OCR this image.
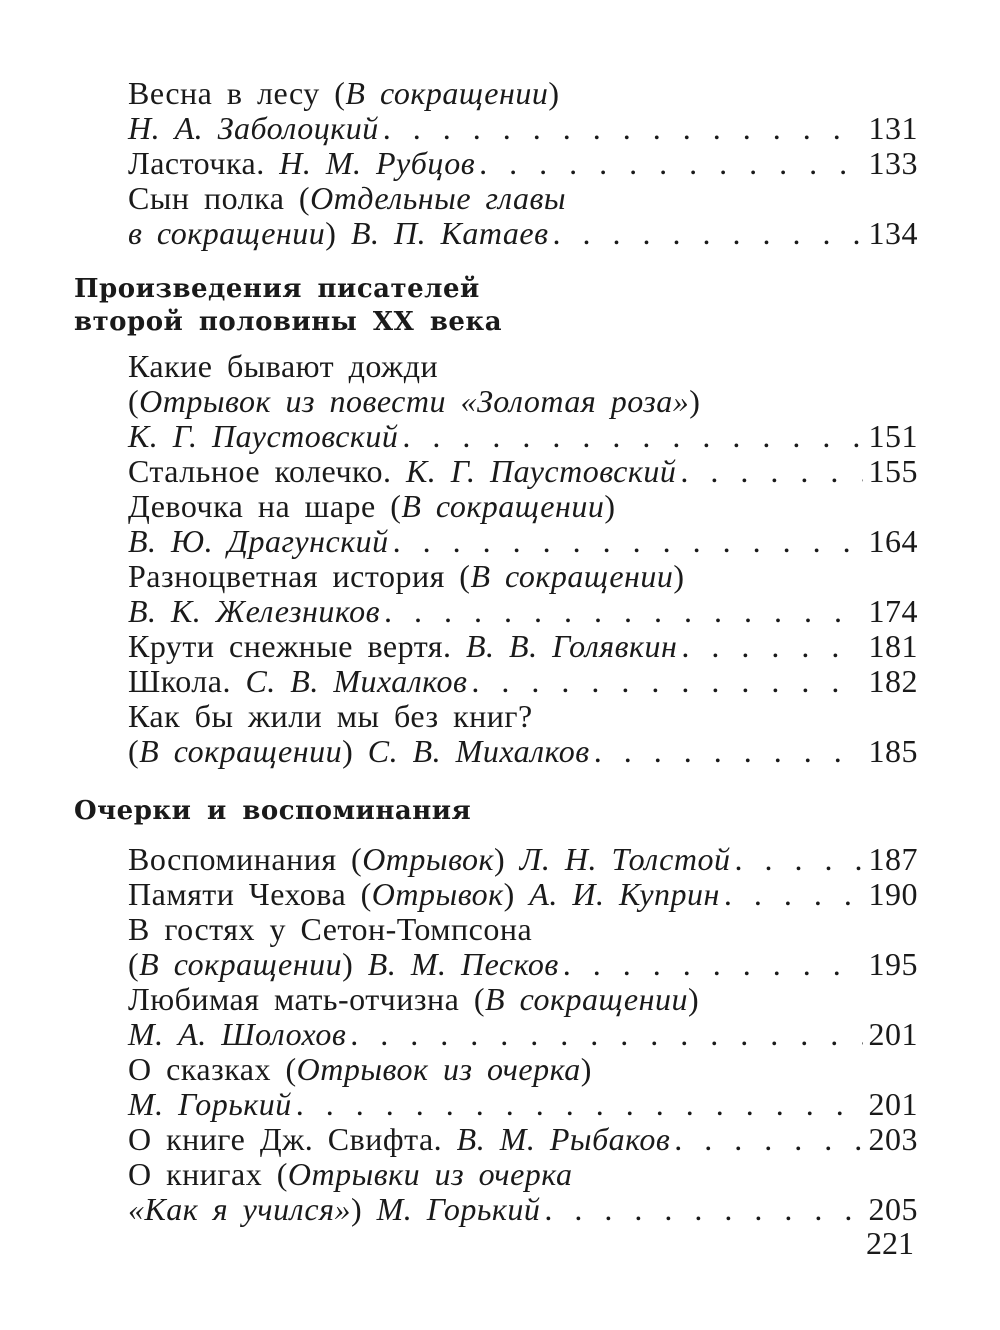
Весна в лесу (В сокращении)
Н. А. Заболоцкий . . .	131
Ласточка. Н. М. Рубцов . . .	133
Сын полка (Отдельные главы
в сокращении) В. П. Катаев . . .	134
Произведения писателей
второй половины XX века
Какие бывают дожди
(Отрывок из повести «Золотая роза»)
К. Г. Паустовский . . .	151
Стальное колечко. К. Г. Паустовский . . .	155
Девочка на шаре (В сокращении)
В. Ю. Драгунский . . .	164
Разноцветная история (В сокращении)
В. К. Железников . . .	174
Крути снежные вертя. В. В. Голявкин . . .	181
Школа. С. В. Михалков . . .	182
Как бы жили мы без книг?
(В сокращении) С. В. Михалков . . .	185
Очерки и воспоминания
Воспоминания (Отрывок) Л. Н. Толстой . . .	187
Памяти Чехова (Отрывок) А. И. Куприн . . .	190
В гостях у Сетон-Томпсона
(В сокращении) В. М. Песков . . .	195
Любимая мать-отчизна (В сокращении)
М. А. Шолохов . . .	201
О сказках (Отрывок из очерка)
М. Горький . . .	201
О книге Дж. Свифта. В. М. Рыбаков . . .	203
О книгах (Отрывки из очерка
«Как я учился») М. Горький . . .	205
221
